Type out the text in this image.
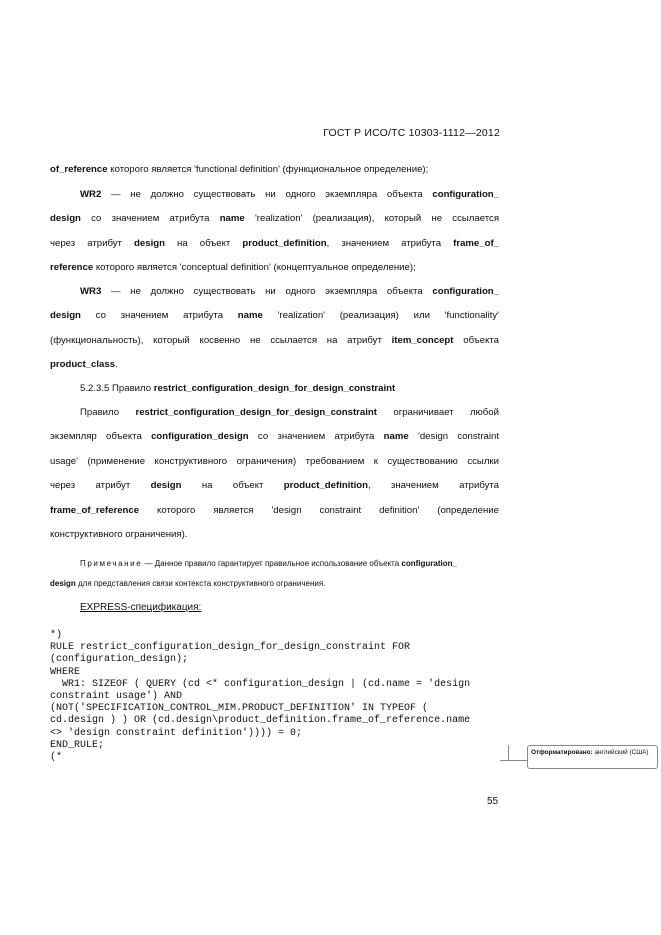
ГОСТ Р ИСО/ТС 10303-1112—2012
of_reference которого является 'functional definition' (функциональное определение);
WR2 — не должно существовать ни одного экземпляра объекта configuration_
design со значением атрибута name 'realization' (реализация), который не ссылается
через атрибут design на объект product_definition, значением атрибута frame_of_
reference которого является 'conceptual definition' (концептуальное определение);
WR3 — не должно существовать ни одного экземпляра объекта configuration_
design со значением атрибута name 'realization' (реализация) или 'functionality'
(функциональность), который косвенно не ссылается на атрибут item_concept объекта
product_class.
5.2.3.5 Правило restrict_configuration_design_for_design_constraint
Правило restrict_configuration_design_for_design_constraint ограничивает любой
экземпляр объекта configuration_design со значением атрибута name 'design constraint
usage' (применение конструктивного ограничения) требованием к существованию ссылки
через атрибут design на объект product_definition, значением атрибута
frame_of_reference которого является 'design constraint definition' (определение
конструктивного ограничения).
Примечание — Данное правило гарантирует правильное использование объекта configuration_
design для представления связи контекста конструктивного ограничения.
EXPRESS-спецификация:
*)
RULE restrict_configuration_design_for_design_constraint FOR
(configuration_design);
WHERE
WR1: SIZEOF ( QUERY (cd <* configuration_design | (cd.name = 'design
constraint usage') AND
(NOT('SPECIFICATION_CONTROL_MIM.PRODUCT_DEFINITION' IN TYPEOF (
cd.design ) ) OR (cd.design\product_definition.frame_of_reference.name
<> 'design constraint definition')))) = 0;
END_RULE;
(*	Отформатировано: английский (США)
55
